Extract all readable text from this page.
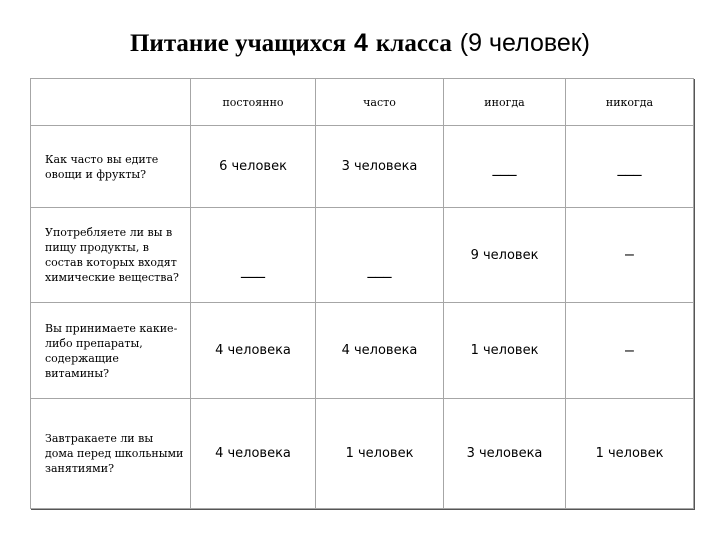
Питание учащихся 4 класса (9 человек)
	постоянно	часто	иногда	никогда
Как часто вы едите овощи и фрукты?	6 человек	3 человека	___	___
Употребляете ли вы в пищу продукты, в состав которых входят химические вещества?	___	___	9 человек	–
Вы принимаете какие-либо препараты, содержащие витамины?	4 человека	4 человека	1 человек	–
Завтракаете ли вы дома перед школьными занятиями?	4 человека	1 человек	3 человека	1 человек
